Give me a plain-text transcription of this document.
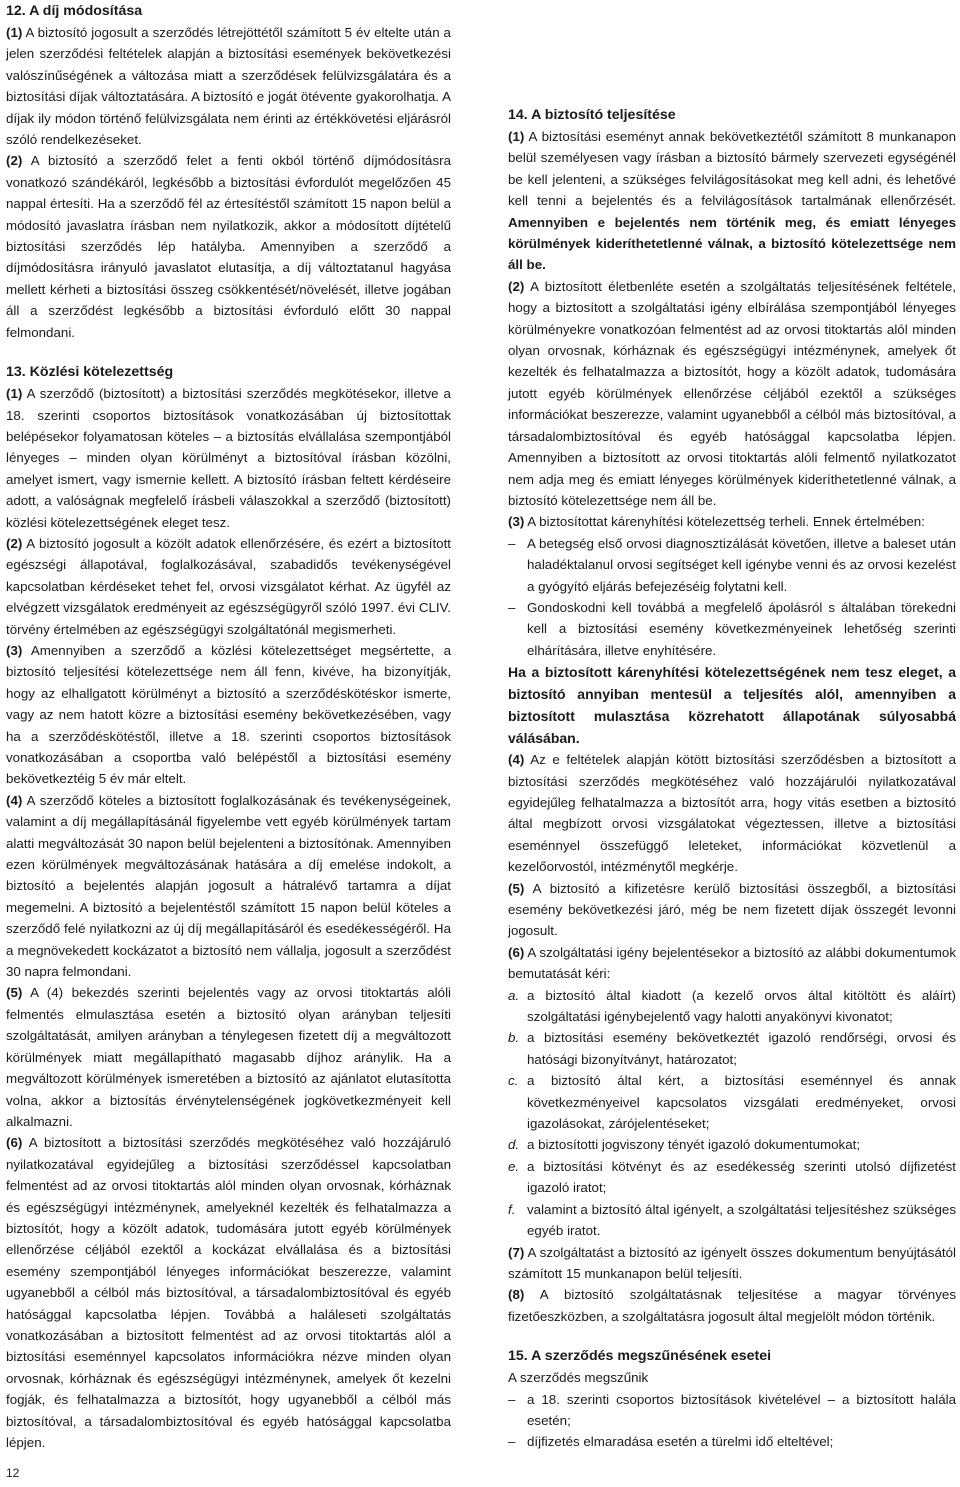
12. A díj módosítása

(1) A biztosító jogosult a szerződés létrejöttétől számított 5 év eltelte után a jelen szerződési feltételek alapján a biztosítási események bekövetkezési valószínűségének a változása miatt a szerződések felülvizsgálatára és a biztosítási díjak változtatására. A biztosító e jogát ötévente gyakorolhatja. A díjak ily módon történő felülvizsgálata nem érinti az értékkövetési eljárásról szóló rendelkezéseket.

(2) A biztosító a szerződő felet a fenti okból történő díjmódosításra vonatkozó szándékáról, legkésőbb a biztosítási évfordulót megelőzően 45 nappal értesíti. Ha a szerződő fél az értesítéstől számított 15 napon belül a módosító javaslatra írásban nem nyilatkozik, akkor a módosított díjtételű biztosítási szerződés lép hatályba. Amennyiben a szerződő a díjmódosításra irányuló javaslatot elutasítja, a díj változtatanul hagyása mellett kérheti a biztosítási összeg csökkentését/növelését, illetve jogában áll a szerződést legkésőbb a biztosítási évforduló előtt 30 nappal felmondani.

13. Közlési kötelezettség

(1) A szerződő (biztosított) a biztosítási szerződés megkötésekor, illetve a 18. szerinti csoportos biztosítások vonatkozásában új biztosítottak belépésekor folyamatosan köteles – a biztosítás elvállalása szempontjából lényeges – minden olyan körülményt a biztosítóval írásban közölni, amelyet ismert, vagy ismernie kellett. A biztosító írásban feltett kérdéseire adott, a valóságnak megfelelő írásbeli válaszokkal a szerződő (biztosított) közlési kötelezettségének eleget tesz.

(2) A biztosító jogosult a közölt adatok ellenőrzésére, és ezért a biztosított egészségi állapotával, foglalkozásával, szabadidős tevékenységével kapcsolatban kérdéseket tehet fel, orvosi vizsgálatot kérhat. Az ügyfél az elvégzett vizsgálatok eredményeit az egészségügyről szóló 1997. évi CLIV. törvény értelmében az egészségügyi szolgáltatónál megismerheti.

(3) Amennyiben a szerződő a közlési kötelezettséget megsértette, a biztosító teljesítési kötelezettsége nem áll fenn, kivéve, ha bizonyítják, hogy az elhallgatott körülményt a biztosító a szerződéskötéskor ismerte, vagy az nem hatott közre a biztosítási esemény bekövetkezésében, vagy ha a szerződéskötéstől, illetve a 18. szerinti csoportos biztosítások vonatkozásában a csoportba való belépéstől a biztosítási esemény bekövetkeztéig 5 év már eltelt.

(4) A szerződő köteles a biztosított foglalkozásának és tevékenységeinek, valamint a díj megállapításánál figyelembe vett egyéb körülmények tartam alatti megváltozását 30 napon belül bejelenteni a biztosítónak. Amennyiben ezen körülmények megváltozásának hatására a díj emelése indokolt, a biztosító a bejelentés alapján jogosult a hátralévő tartamra a díjat megemelni. A biztosító a bejelentéstől számított 15 napon belül köteles a szerződő felé nyilatkozni az új díj megállapításáról és esedékességéről. Ha a megnövekedett kockázatot a biztosító nem vállalja, jogosult a szerződést 30 napra felmondani.

(5) A (4) bekezdés szerinti bejelentés vagy az orvosi titoktartás alóli felmentés elmulasztása esetén a biztosító olyan arányban teljesíti szolgáltatását, amilyen arányban a ténylegesen fizetett díj a megváltozott körülmények miatt megállapítható magasabb díjhoz aránylik. Ha a megváltozott körülmények ismeretében a biztosító az ajánlatot elutasította volna, akkor a biztosítás érvénytelenségének jogkövetkezményeit kell alkalmazni.

(6) A biztosított a biztosítási szerződés megkötéséhez való hozzájáruló nyilatkozatával egyidejűleg a biztosítási szerződéssel kapcsolatban felmentést ad az orvosi titoktartás alól minden olyan orvosnak, kórháznak és egészségügyi intézménynek, amelyeknél kezelték és felhatalmazza a biztosítót, hogy a közölt adatok, tudomására jutott egyéb körülmények ellenőrzése céljából ezektől a kockázat elvállalása és a biztosítási esemény szempontjából lényeges információkat beszerezze, valamint ugyanebből a célból más biztosítóval, a társadalombiztosítóval és egyéb hatósággal kapcsolatba lépjen. Továbbá a haláleseti szolgáltatás vonatkozásában a biztosított felmentést ad az orvosi titoktartás alól a biztosítási eseménnyel kapcsolatos információkra nézve minden olyan orvosnak, kórháznak és egészségügyi intézménynek, amelyek őt kezelni fogják, és felhatalmazza a biztosítót, hogy ugyanebből a célból más biztosítóval, a társadalombiztosítóval és egyéb hatósággal kapcsolatba lépjen.

14. A biztosító teljesítése

(1) A biztosítási eseményt annak bekövetkeztétől számított 8 munkanapon belül személyesen vagy írásban a biztosító bármely szervezeti egységénél be kell jelenteni, a szükséges felvilágosításokat meg kell adni, és lehetővé kell tenni a bejelentés és a felvilágosítások tartalmának ellenőrzését. Amennyiben e bejelentés nem történik meg, és emiatt lényeges körülmények kideríthetetlenné válnak, a biztosító kötelezettsége nem áll be.

(2) A biztosított életbenléte esetén a szolgáltatás teljesítésének feltétele, hogy a biztosított a szolgáltatási igény elbírálása szempontjából lényeges körülményekre vonatkozóan felmentést ad az orvosi titoktartás alól minden olyan orvosnak, kórháznak és egészségügyi intézménynek, amelyek őt kezelték és felhatalmazza a biztosítót, hogy a közölt adatok, tudomására jutott egyéb körülmények ellenőrzése céljából ezektől a szükséges információkat beszerezze, valamint ugyanebből a célból más biztosítóval, a társadalombiztosítóval és egyéb hatósággal kapcsolatba lépjen. Amennyiben a biztosított az orvosi titoktartás alóli felmentő nyilatkozatot nem adja meg és emiatt lényeges körülmények kideríthetetlenné válnak, a biztosító kötelezettsége nem áll be.

(3) A biztosítottat kárenyhítési kötelezettség terheli. Ennek értelmében:

– A betegség első orvosi diagnosztizálását követően, illetve a baleset után haladéktalanul orvosi segítséget kell igénybe venni és az orvosi kezelést a gyógyító eljárás befejezéséig folytatni kell.
– Gondoskodni kell továbbá a megfelelő ápolásról s általában törekedni kell a biztosítási esemény következményeinek lehetőség szerinti elhárítására, illetve enyhítésére.

Ha a biztosított kárenyhítési kötelezettségének nem tesz eleget, a biztosító annyiban mentesül a teljesítés alól, amennyiben a biztosított mulasztása közrehatott állapotának súlyosabbá válásában.

(4) Az e feltételek alapján kötött biztosítási szerződésben a biztosított a biztosítási szerződés megkötéséhez való hozzájárulói nyilatkozatával egyidejűleg felhatalmazza a biztosítót arra, hogy vitás esetben a biztosító által megbízott orvosi vizsgálatokat végeztessen, illetve a biztosítási eseménnyel összefüggő leleteket, információkat közvetlenül a kezelőorvostól, intézménytől megkérje.

(5) A biztosító a kifizetésre kerülő biztosítási összegből, a biztosítási esemény bekövetkezési járó, még be nem fizetett díjak összegét levonni jogosult.

(6) A szolgáltatási igény bejelentésekor a biztosító az alábbi dokumentumok bemutatását kéri:

a. a biztosító által kiadott (a kezelő orvos által kitöltött és aláírt) szolgáltatási igénybejelentő vagy halotti anyakönyvi kivonatot;
b. a biztosítási esemény bekövetkeztét igazoló rendőrségi, orvosi és hatósági bizonyítványt, határozatot;
c. a biztosító által kért, a biztosítási eseménnyel és annak következményeivel kapcsolatos vizsgálati eredményeket, orvosi igazolásokat, zárójelentéseket;
d. a biztosítotti jogviszony tényét igazoló dokumentumokat;
e. a biztosítási kötvényt és az esedékesség szerinti utolsó díjfizetést igazoló iratot;
f. valamint a biztosító által igényelt, a szolgáltatási teljesítéshez szükséges egyéb iratot.

(7) A szolgáltatást a biztosító az igényelt összes dokumentum benyújtásától számított 15 munkanapon belül teljesíti.

(8) A biztosító szolgáltatásnak teljesítése a magyar törvényes fizetőeszközben, a szolgáltatásra jogosult által megjelölt módon történik.

15. A szerződés megszűnésének esetei

A szerződés megszűnik

– a 18. szerinti csoportos biztosítások kivételével – a biztosított halála esetén;
– díjfizetés elmaradása esetén a türelmi idő elteltével;
12
